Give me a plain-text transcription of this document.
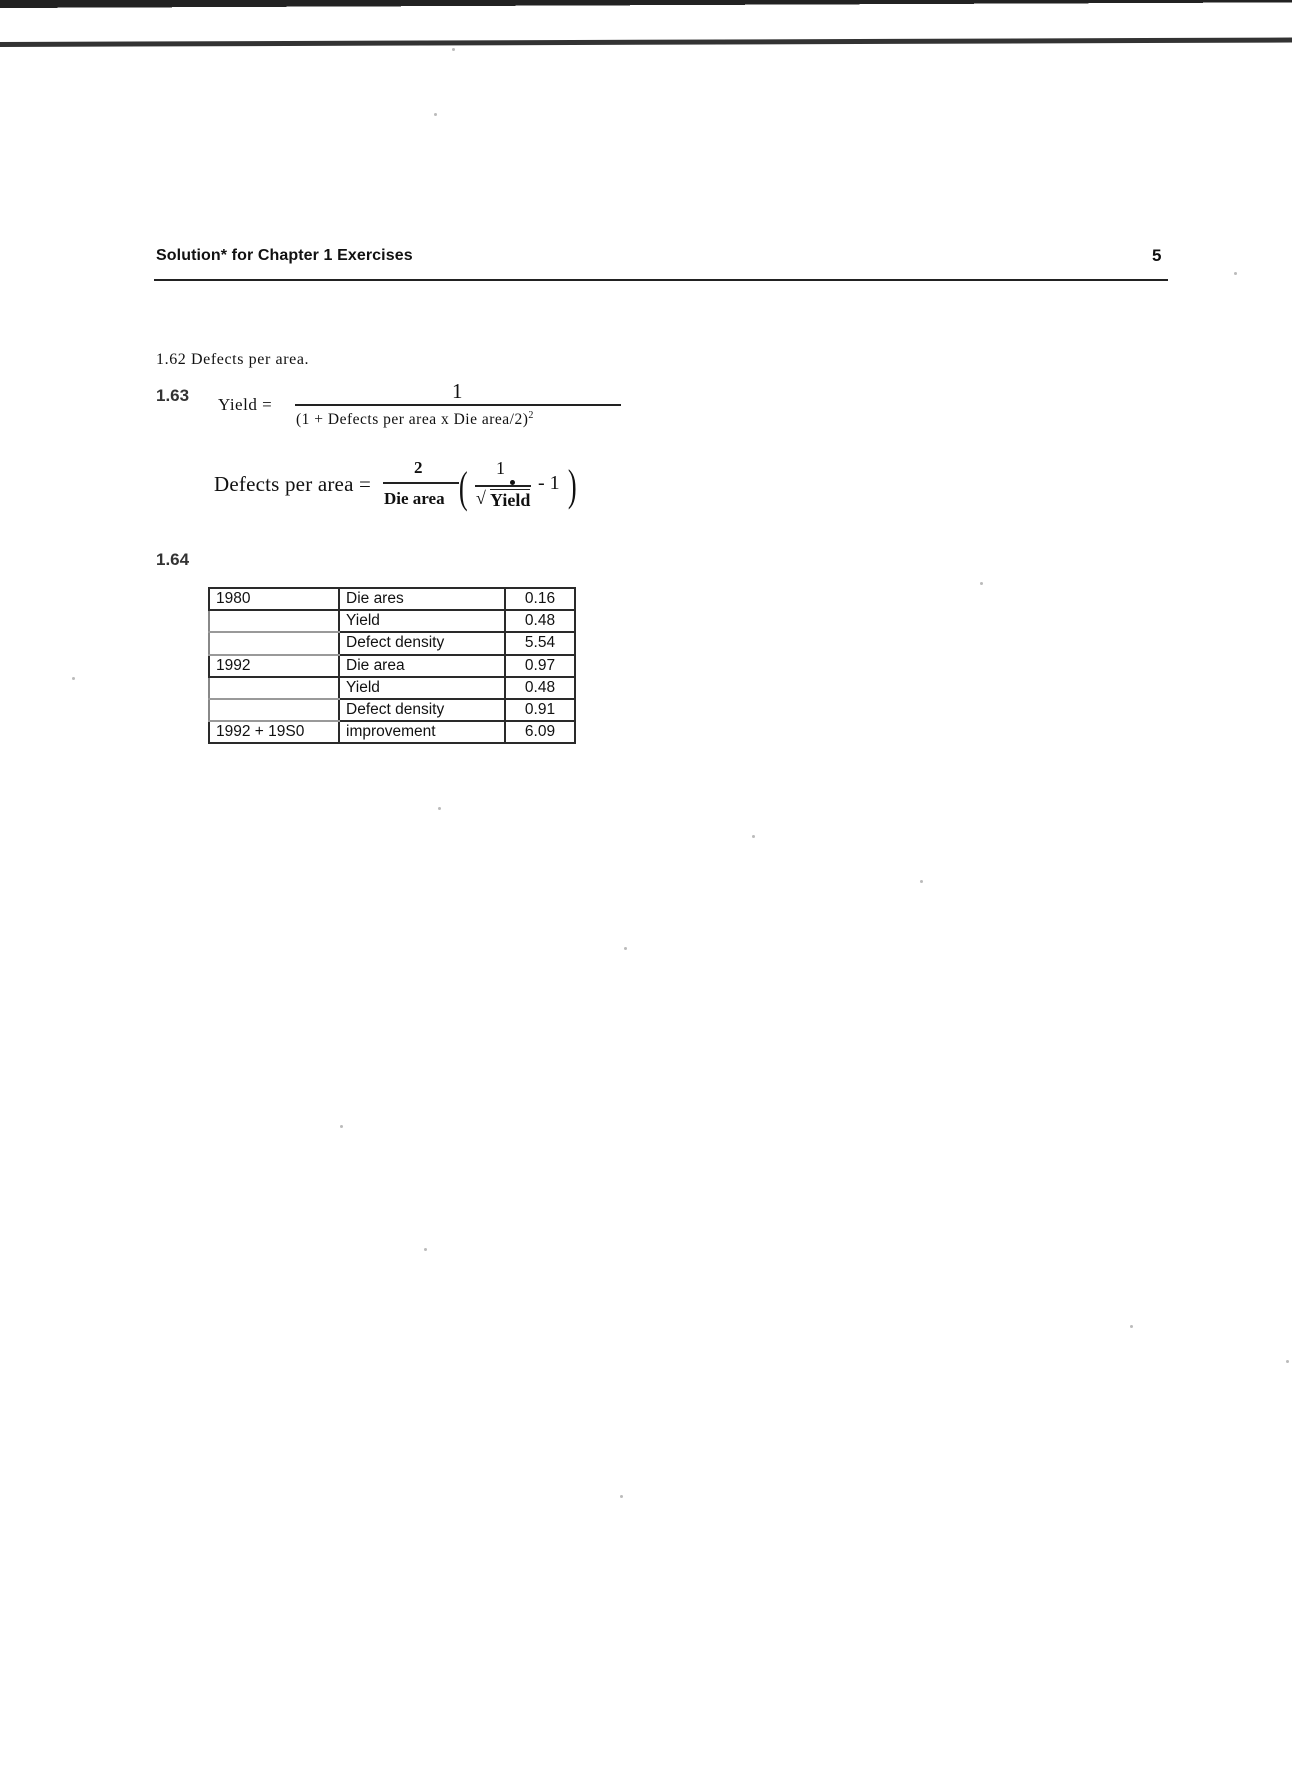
Solution* for Chapter 1 Exercises	5
1.62 Defects per area.
1.63 Yield =
1
(1 + Defects per area x Die area/2)$^2$
Defects per area =
2
Die area ( 1
√ Yield
- 1 )
1.64
1980	Die ares	0.16
	Yield	0.48
	Defect density	5.54
1992	Die area	0.97
	Yield	0.48
	Defect density	0.91
1992 + 19S0	improvement	6.09
